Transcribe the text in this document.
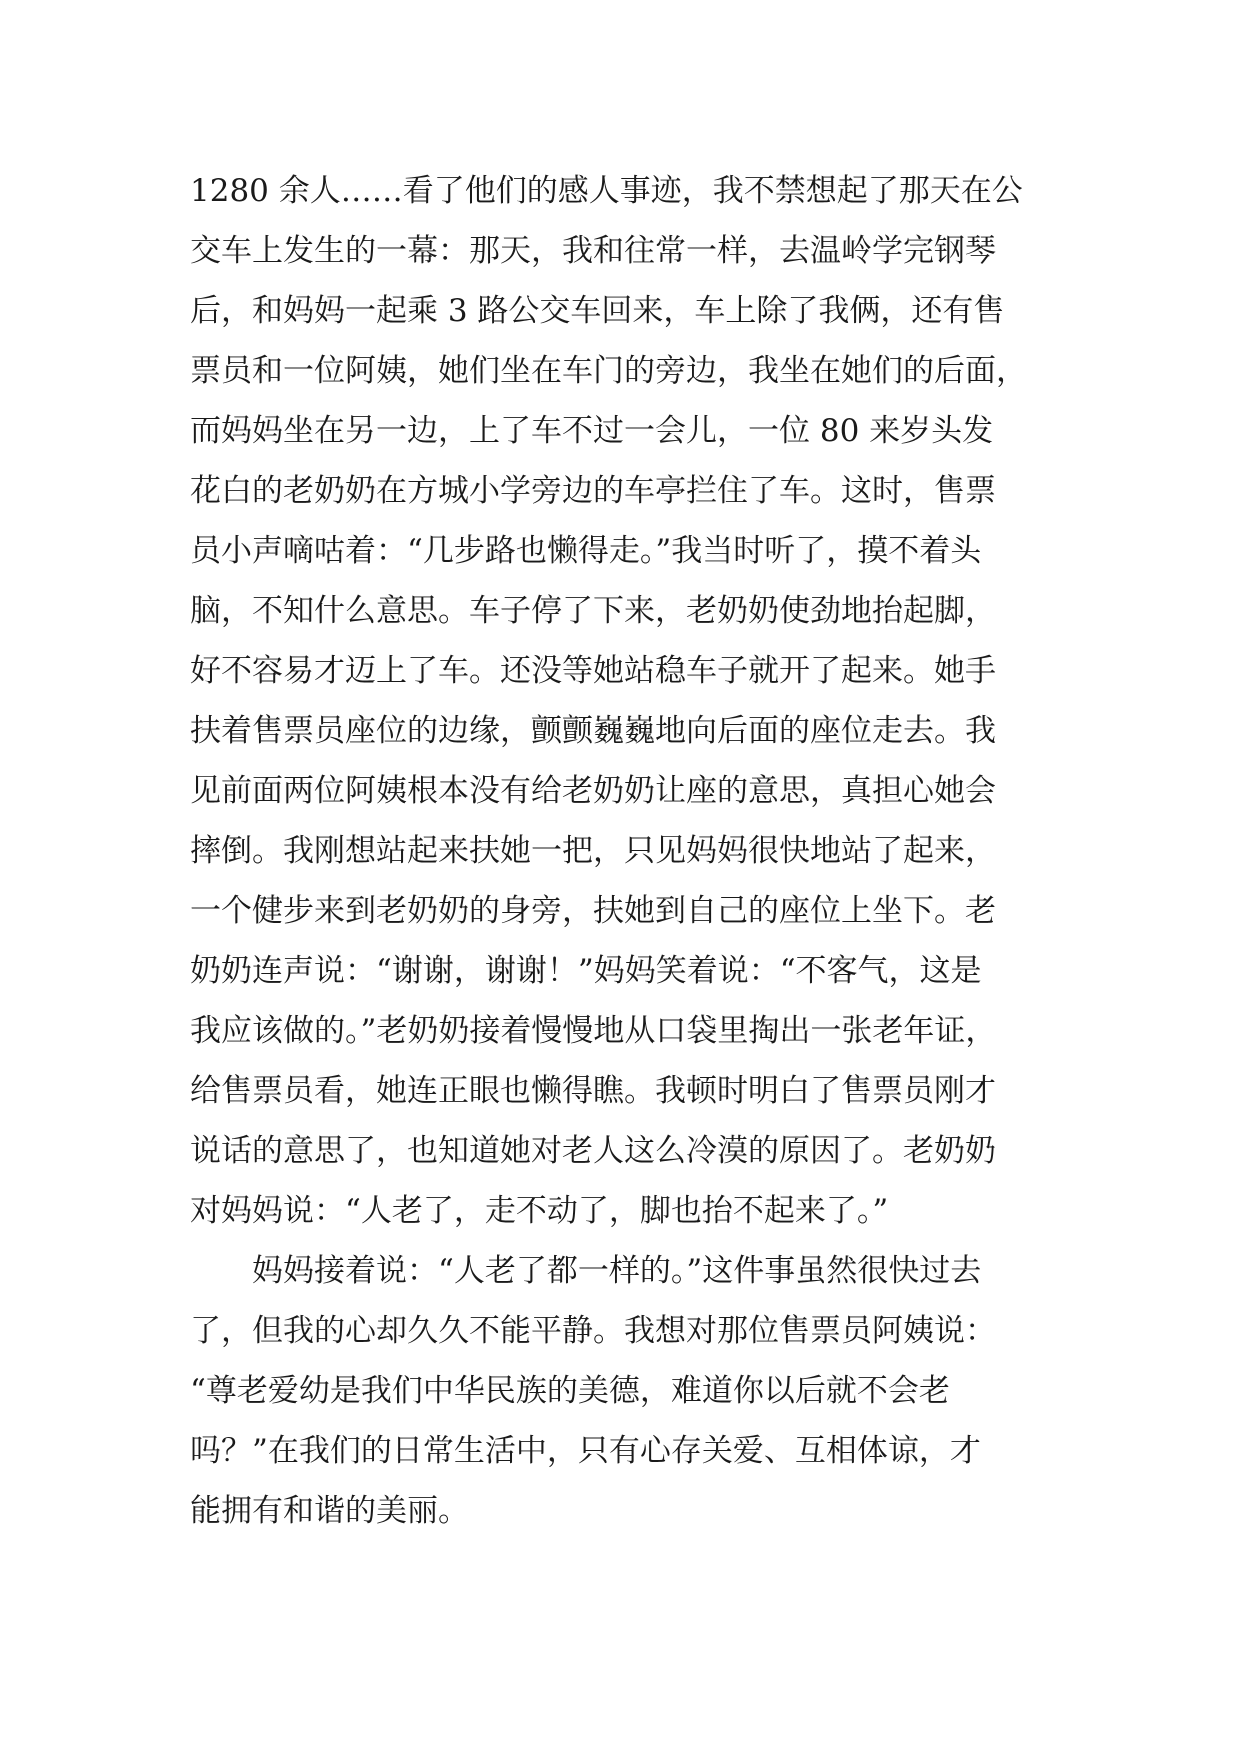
1280 余人……看了他们的感人事迹，我不禁想起了那天在公
交车上发生的一幕：那天，我和往常一样，去温岭学完钢琴
后，和妈妈一起乘 3 路公交车回来，车上除了我俩，还有售
票员和一位阿姨，她们坐在车门的旁边，我坐在她们的后面，
而妈妈坐在另一边，上了车不过一会儿，一位 80 来岁头发
花白的老奶奶在方城小学旁边的车亭拦住了车。这时，售票
员小声嘀咕着：“几步路也懒得走。”我当时听了，摸不着头
脑，不知什么意思。车子停了下来，老奶奶使劲地抬起脚，
好不容易才迈上了车。还没等她站稳车子就开了起来。她手
扶着售票员座位的边缘，颤颤巍巍地向后面的座位走去。我
见前面两位阿姨根本没有给老奶奶让座的意思，真担心她会
摔倒。我刚想站起来扶她一把，只见妈妈很快地站了起来，
一个健步来到老奶奶的身旁，扶她到自己的座位上坐下。老
奶奶连声说：“谢谢，谢谢！”妈妈笑着说：“不客气，这是
我应该做的。”老奶奶接着慢慢地从口袋里掏出一张老年证，
给售票员看，她连正眼也懒得瞧。我顿时明白了售票员刚才
说话的意思了，也知道她对老人这么冷漠的原因了。老奶奶
对妈妈说：“人老了，走不动了，脚也抬不起来了。”
　　妈妈接着说：“人老了都一样的。”这件事虽然很快过去
了，但我的心却久久不能平静。我想对那位售票员阿姨说：
“尊老爱幼是我们中华民族的美德，难道你以后就不会老
吗？”在我们的日常生活中，只有心存关爱、互相体谅，才
能拥有和谐的美丽。
